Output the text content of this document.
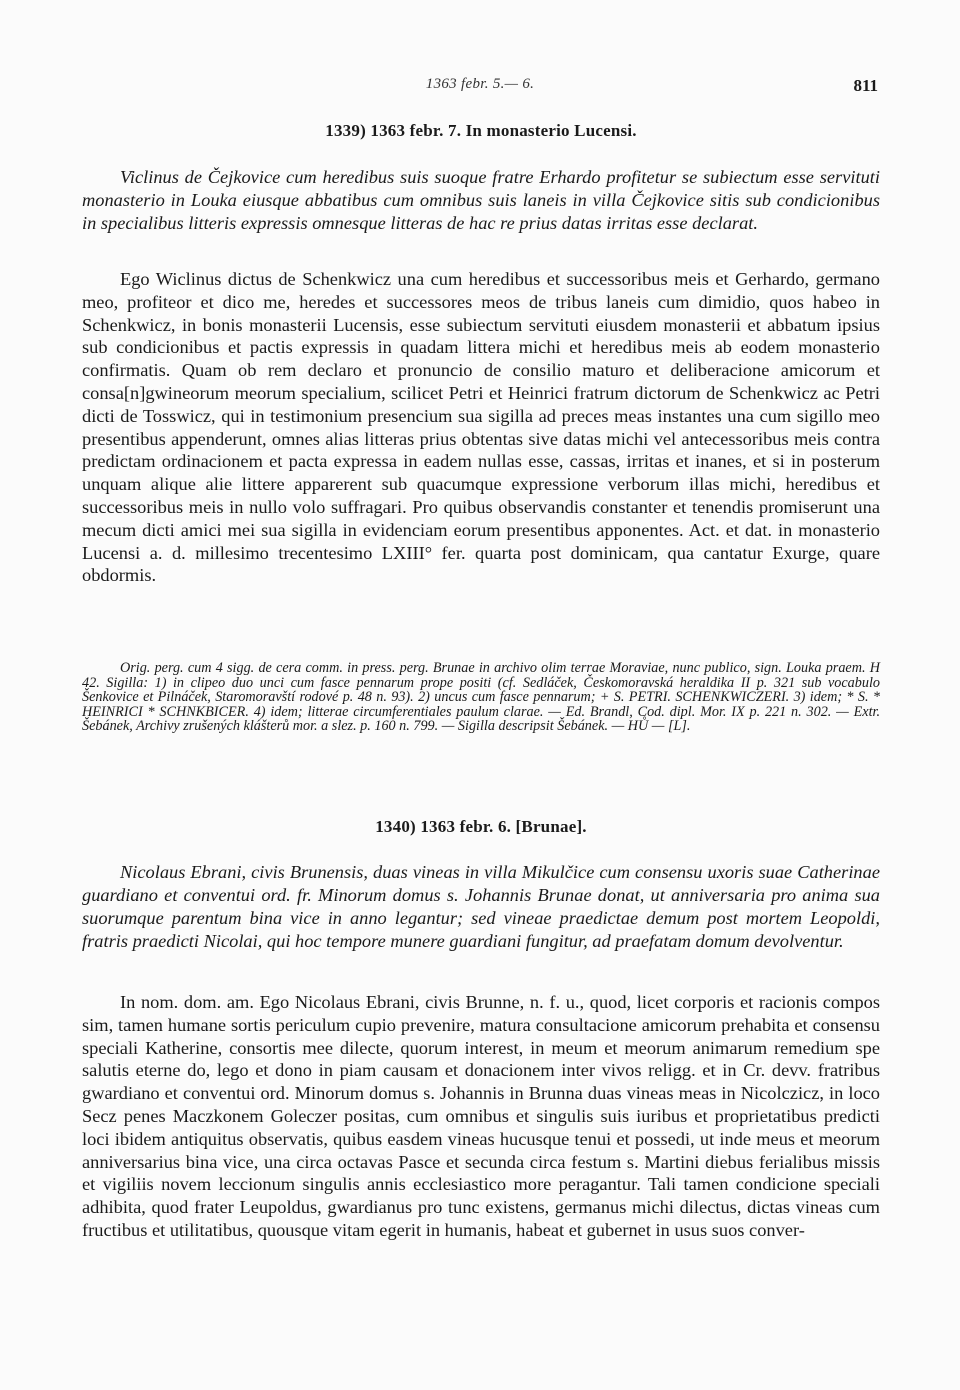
1363 febr. 5.— 6.	811
1339) 1363 febr. 7. In monasterio Lucensi.

Viclinus de Čejkovice cum heredibus suis suoque fratre Erhardo profitetur se subiectum esse servituti monasterio in Louka eiusque abbatibus cum omnibus suis laneis in villa Čejkovice sitis sub condicionibus in specialibus litteris expressis omnesque litteras de hac re prius datas irritas esse declarat.

Ego Wiclinus dictus de Schenkwicz una cum heredibus et successoribus meis et Gerhardo, germano meo, profiteor et dico me, heredes et successores meos de tribus laneis cum dimidio, quos habeo in Schenkwicz, in bonis monasterii Lucensis, esse subiectum servituti eiusdem monasterii et abbatum ipsius sub condicionibus et pactis expressis in quadam littera michi et heredibus meis ab eodem monasterio confirmatis. Quam ob rem declaro et pronuncio de consilio maturo et deliberacione amicorum et consa[n]gwineorum meorum specialium, scilicet Petri et Heinrici fratrum dictorum de Schenkwicz ac Petri dicti de Tosswicz, qui in testimonium presencium sua sigilla ad preces meas instantes una cum sigillo meo presentibus appenderunt, omnes alias litteras prius obtentas sive datas michi vel antecessoribus meis contra predictam ordinacionem et pacta expressa in eadem nullas esse, cassas, irritas et inanes, et si in posterum unquam alique alie littere apparerent sub quacumque expressione verborum illas michi, heredibus et successoribus meis in nullo volo suffragari. Pro quibus observandis constanter et tenendis promiserunt una mecum dicti amici mei sua sigilla in evidenciam eorum presentibus apponentes. Act. et dat. in monasterio Lucensi a. d. millesimo trecentesimo LXIII° fer. quarta post dominicam, qua cantatur Exurge, quare obdormis.

Orig. perg. cum 4 sigg. de cera comm. in press. perg. Brunae in archivo olim terrae Moraviae, nunc publico, sign. Louka praem. H 42. Sigilla: 1) in clipeo duo unci cum fasce pennarum prope positi (cf. Sedláček, Českomoravská heraldika II p. 321 sub vocabulo Šenkovice et Pilnáček, Staromoravští rodové p. 48 n. 93). 2) uncus cum fasce pennarum; + S. PETRI. SCHENKWICZERI. 3) idem; * S. * HEINRICI * SCHNKBICER. 4) idem; litterae circumferentiales paulum clarae. — Ed. Brandl, Cod. dipl. Mor. IX p. 221 n. 302. — Extr. Šebánek, Archivy zrušených klášterů mor. a slez. p. 160 n. 799. — Sigilla descripsit Šebánek. — HŮ — [L].

1340) 1363 febr. 6. [Brunae].

Nicolaus Ebrani, civis Brunensis, duas vineas in villa Mikulčice cum consensu uxoris suae Catherinae guardiano et conventui ord. fr. Minorum domus s. Johannis Brunae donat, ut anniversaria pro anima sua suorumque parentum bina vice in anno legantur; sed vineae praedictae demum post mortem Leopoldi, fratris praedicti Nicolai, qui hoc tempore munere guardiani fungitur, ad praefatam domum devolventur.

In nom. dom. am. Ego Nicolaus Ebrani, civis Brunne, n. f. u., quod, licet corporis et racionis compos sim, tamen humane sortis periculum cupio prevenire, matura consultacione amicorum prehabita et consensu speciali Katherine, consortis mee dilecte, quorum interest, in meum et meorum animarum remedium spe salutis eterne do, lego et dono in piam causam et donacionem inter vivos religg. et in Cr. devv. fratribus gwardiano et conventui ord. Minorum domus s. Johannis in Brunna duas vineas meas in Nicolczicz, in loco Secz penes Maczkonem Goleczer positas, cum omnibus et singulis suis iuribus et proprietatibus predicti loci ibidem antiquitus observatis, quibus easdem vineas hucusque tenui et possedi, ut inde meus et meorum anniversarius bina vice, una circa octavas Pasce et secunda circa festum s. Martini diebus ferialibus missis et vigiliis novem leccionum singulis annis ecclesiastico more peragantur. Tali tamen condicione speciali adhibita, quod frater Leupoldus, gwardianus pro tunc existens, germanus michi dilectus, dictas vineas cum fructibus et utilitatibus, quousque vitam egerit in humanis, habeat et gubernet in usus suos conver-
